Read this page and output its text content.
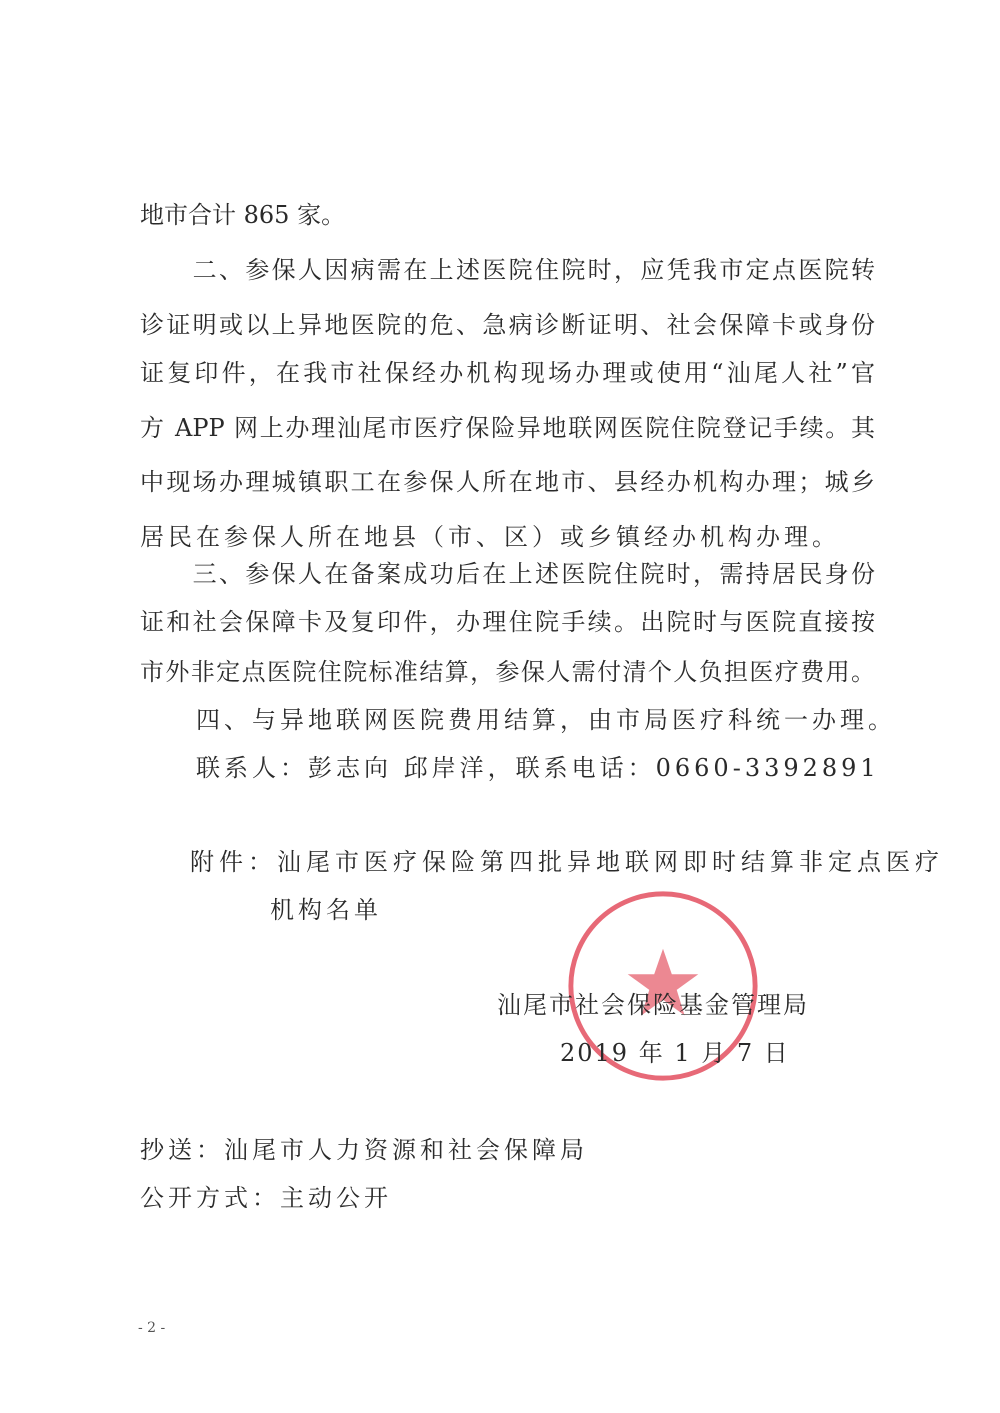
地市合计 865 家。
　　二、参保人因病需在上述医院住院时，应凭我市定点医院转
诊证明或以上异地医院的危、急病诊断证明、社会保障卡或身份
证复印件，在我市社保经办机构现场办理或使用“汕尾人社”官
方 APP 网上办理汕尾市医疗保险异地联网医院住院登记手续。其
中现场办理城镇职工在参保人所在地市、县经办机构办理；城乡
居民在参保人所在地县（市、区）或乡镇经办机构办理。
　　三、参保人在备案成功后在上述医院住院时，需持居民身份
证和社会保障卡及复印件，办理住院手续。出院时与医院直接按
市外非定点医院住院标准结算，参保人需付清个人负担医疗费用。
　　四、与异地联网医院费用结算，由市局医疗科统一办理。
　　联系人：彭志向 邱岸洋，联系电话：0660-3392891
附件：汕尾市医疗保险第四批异地联网即时结算非定点医疗
机构名单
汕尾市社会保险基金管理局
2019 年 1 月 7 日
抄送：汕尾市人力资源和社会保障局
公开方式：主动公开
- 2 -
